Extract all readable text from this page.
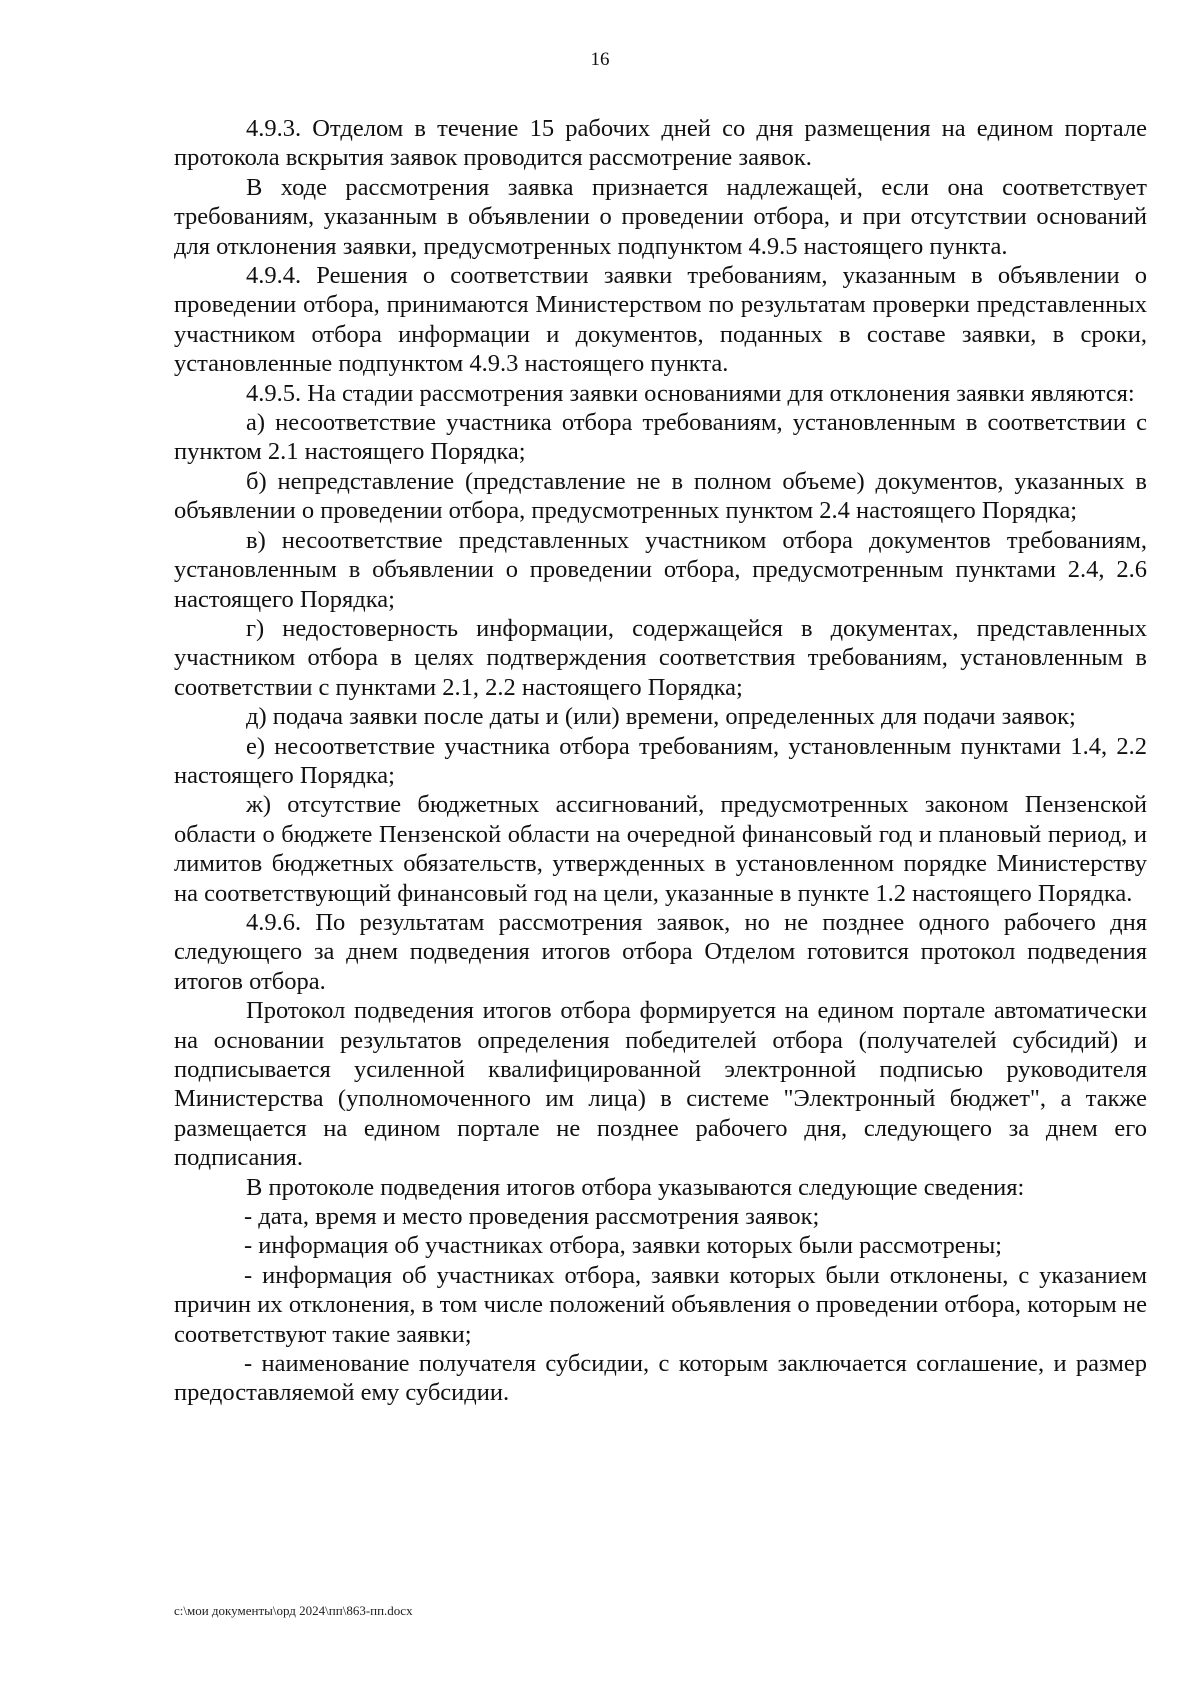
16

4.9.3. Отделом в течение 15 рабочих дней со дня размещения на едином портале протокола вскрытия заявок проводится рассмотрение заявок.

В ходе рассмотрения заявка признается надлежащей, если она соответствует требованиям, указанным в объявлении о проведении отбора, и при отсутствии оснований для отклонения заявки, предусмотренных подпунктом 4.9.5 настоящего пункта.

4.9.4. Решения о соответствии заявки требованиям, указанным в объявлении о проведении отбора, принимаются Министерством по результатам проверки представленных участником отбора информации и документов, поданных в составе заявки, в сроки, установленные подпунктом 4.9.3 настоящего пункта.

4.9.5. На стадии рассмотрения заявки основаниями для отклонения заявки являются:

а) несоответствие участника отбора требованиям, установленным в соответствии с пунктом 2.1 настоящего Порядка;

б) непредставление (представление не в полном объеме) документов, указанных в объявлении о проведении отбора, предусмотренных пунктом 2.4 настоящего Порядка;

в) несоответствие представленных участником отбора документов требованиям, установленным в объявлении о проведении отбора, предусмотренным пунктами 2.4, 2.6 настоящего Порядка;

г) недостоверность информации, содержащейся в документах, представленных участником отбора в целях подтверждения соответствия требованиям, установленным в соответствии с пунктами 2.1, 2.2 настоящего Порядка;

д) подача заявки после даты и (или) времени, определенных для подачи заявок;

е) несоответствие участника отбора требованиям, установленным пунктами 1.4, 2.2 настоящего Порядка;

ж) отсутствие бюджетных ассигнований, предусмотренных законом Пензенской области о бюджете Пензенской области на очередной финансовый год и плановый период, и лимитов бюджетных обязательств, утвержденных в установленном порядке Министерству на соответствующий финансовый год на цели, указанные в пункте 1.2 настоящего Порядка.

4.9.6. По результатам рассмотрения заявок, но не позднее одного рабочего дня следующего за днем подведения итогов отбора Отделом готовится протокол подведения итогов отбора.

Протокол подведения итогов отбора формируется на едином портале автоматически на основании результатов определения победителей отбора (получателей субсидий) и подписывается усиленной квалифицированной электронной подписью руководителя Министерства (уполномоченного им лица) в системе "Электронный бюджет", а также размещается на едином портале не позднее рабочего дня, следующего за днем его подписания.

В протоколе подведения итогов отбора указываются следующие сведения:

- дата, время и место проведения рассмотрения заявок;

- информация об участниках отбора, заявки которых были рассмотрены;

- информация об участниках отбора, заявки которых были отклонены, с указанием причин их отклонения, в том числе положений объявления о проведении отбора, которым не соответствуют такие заявки;

- наименование получателя субсидии, с которым заключается соглашение, и размер предоставляемой ему субсидии.

c:\мои документы\орд 2024\пп\863-пп.docx
